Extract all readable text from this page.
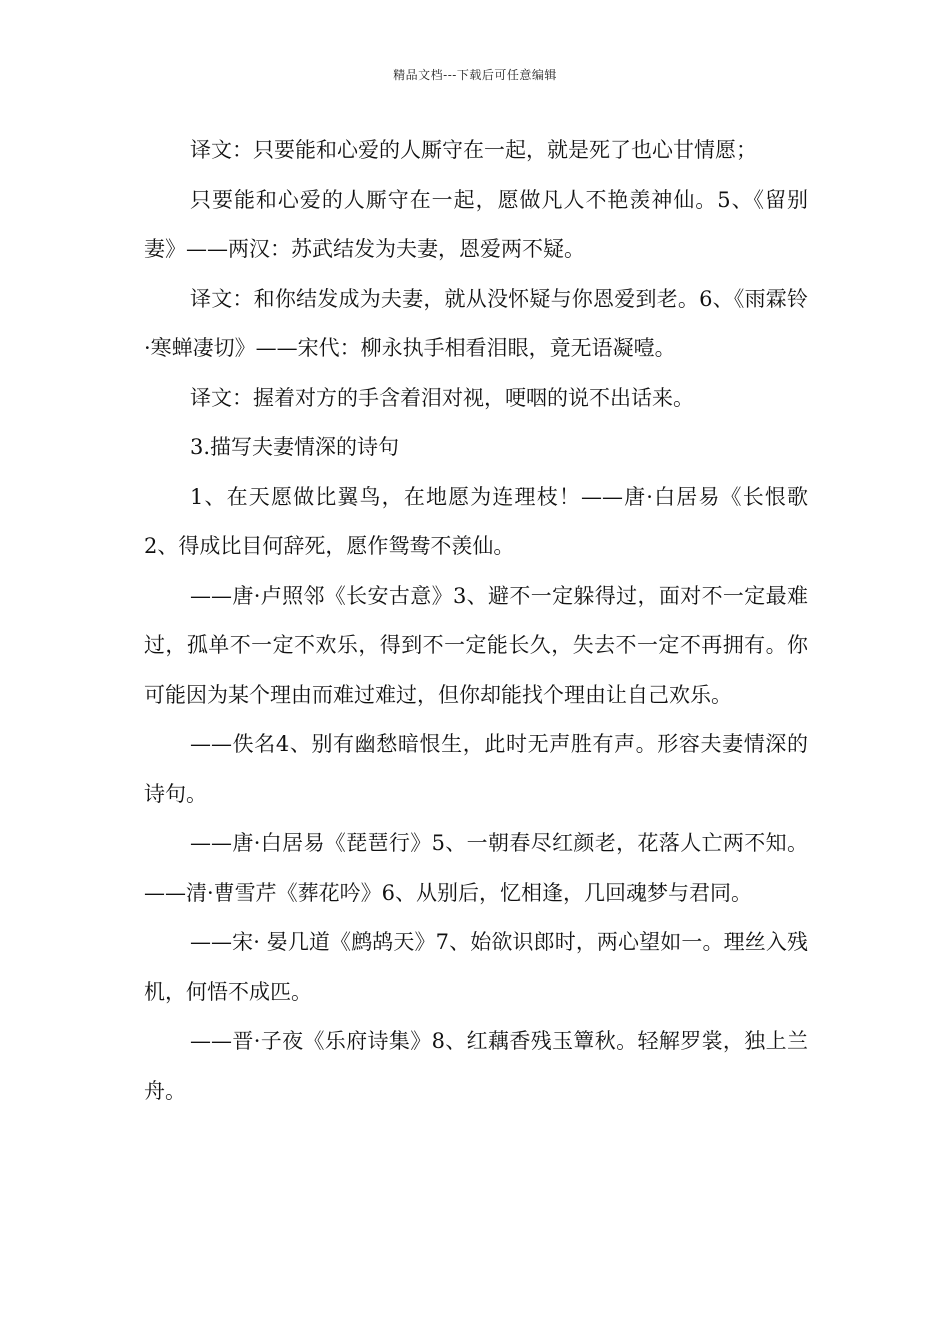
精品文档---下载后可任意编辑

译文：只要能和心爱的人厮守在一起，就是死了也心甘情愿；

只要能和心爱的人厮守在一起，愿做凡人不艳羡神仙。5、《留别妻》——两汉：苏武结发为夫妻，恩爱两不疑。

译文：和你结发成为夫妻，就从没怀疑与你恩爱到老。6、《雨霖铃·寒蝉凄切》——宋代：柳永执手相看泪眼，竟无语凝噎。

译文：握着对方的手含着泪对视，哽咽的说不出话来。

3.描写夫妻情深的诗句

1、在天愿做比翼鸟，在地愿为连理枝！——唐·白居易《长恨歌2、得成比目何辞死，愿作鸳鸯不羡仙。

——唐·卢照邻《长安古意》3、避不一定躲得过，面对不一定最难过，孤单不一定不欢乐，得到不一定能长久，失去不一定不再拥有。你可能因为某个理由而难过难过，但你却能找个理由让自己欢乐。

——佚名4、别有幽愁暗恨生，此时无声胜有声。形容夫妻情深的诗句。

——唐·白居易《琵琶行》5、一朝春尽红颜老，花落人亡两不知。——清·曹雪芹《葬花吟》6、从别后，忆相逢，几回魂梦与君同。

——宋· 晏几道《鹧鸪天》7、始欲识郎时，两心望如一。理丝入残机，何悟不成匹。

——晋·子夜《乐府诗集》8、红藕香残玉簟秋。轻解罗裳，独上兰舟。
